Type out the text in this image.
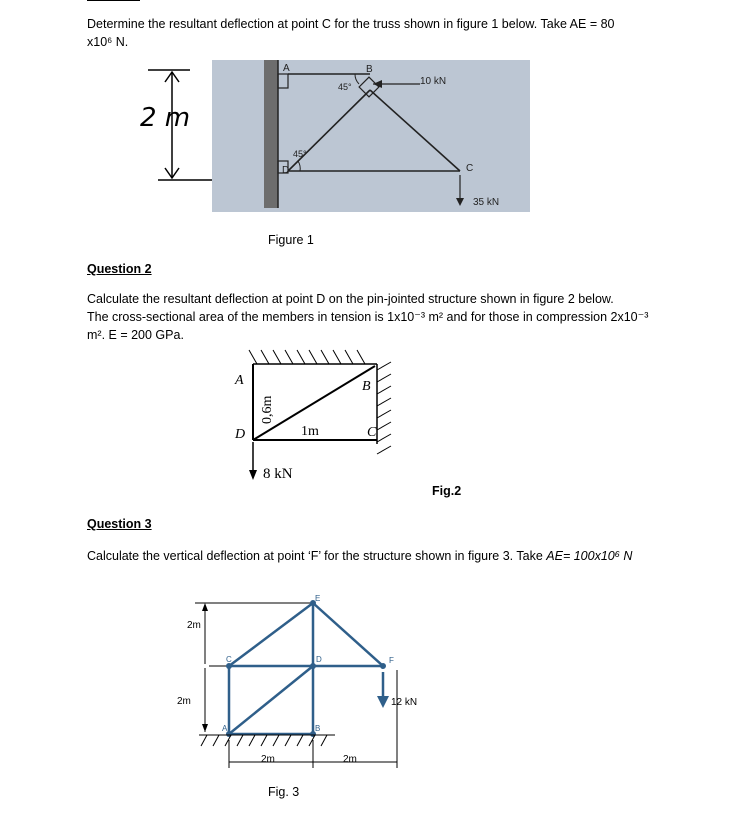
Determine the resultant deflection at point C for the truss shown in figure 1 below. Take AE = 80
x10⁶ N.
2 m
A	B
C
D
45°
45°
10 kN
35 kN
Figure 1
Question 2
Calculate the resultant deflection at point D on the pin-jointed structure shown in figure 2 below.
The cross-sectional area of the members in tension is 1x10⁻³ m² and for those in compression 2x10⁻³
m². E = 200 GPa.
A	B
C
D
0,6m
1m
8 kN
Fig.2
Question 3
Calculate the vertical deflection at point ‘F’ for the structure shown in figure 3. Take AE= 100x10⁶ N
C	D
E
F
A	B
2m
2m
2m	2m
12 kN
Fig. 3
